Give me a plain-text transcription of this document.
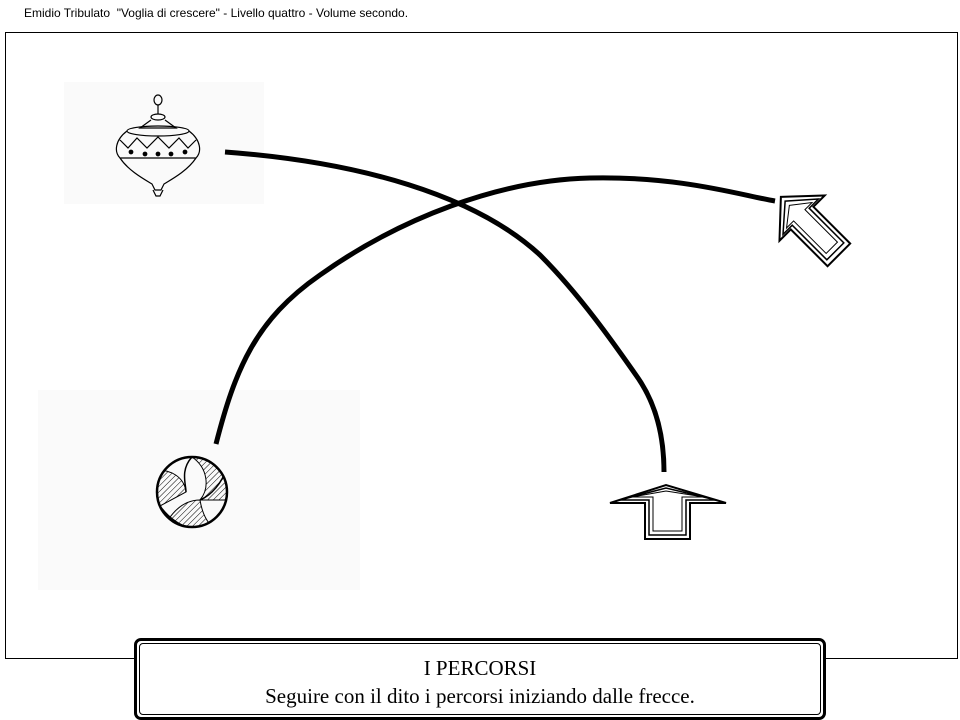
Emidio Tribulato  "Voglia di crescere" - Livello quattro - Volume secondo.
I PERCORSI
Seguire con il dito i percorsi iniziando dalle frecce.
